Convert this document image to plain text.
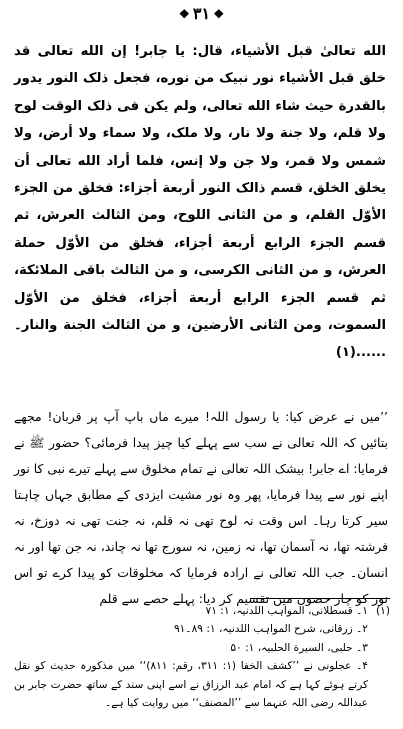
❖ ۳۱ ❖

الله تعالیٰ قبل الأشیاء، قال: یا جابر! إن الله تعالی قد خلق قبل الأشیاء نور نبیک من نوره، فجعل ذلک النور یدور بالقدرة حیث شاء الله تعالی، ولم یکن فی ذلک الوقت لوح ولا قلم، ولا جنة ولا نار، ولا ملک، ولا سماء ولا أرض، ولا شمس ولا قمر، ولا جن ولا إنس، فلما أراد الله تعالی أن یخلق الخلق، قسم ذالک النور أربعة أجزاء: فخلق من الجزء الأوّل القلم، و من الثانی اللوح، ومن الثالث العرش، ثم قسم الجزء الرابع أربعة أجزاء، فخلق من الأوّل حملة العرش، و من الثانی الکرسی، و من الثالث باقی الملائکة، ثم قسم الجزء الرابع أربعة أجزاء، فخلق من الأوّل السموت، ومن الثانی الأرضین، و من الثالث الجنة والنار۔ ......(۱)

’’میں نے عرض کیا: یا رسول اللہ! میرے ماں باپ آپ پر قربان! مجھے بتائیں کہ اللہ تعالی نے سب سے پہلے کیا چیز پیدا فرمائی؟ حضور ﷺ نے فرمایا: اے جابر! بیشک اللہ تعالی نے تمام مخلوق سے پہلے تیرے نبی کا نور اپنے نور سے پیدا فرمایا، پھر وہ نور مشیت ایزدی کے مطابق جہاں چاہتا سیر کرتا رہا۔ اس وقت نہ لوح تھی نہ قلم، نہ جنت تھی نہ دوزخ، نہ فرشتہ تھا، نہ آسمان تھا، نہ زمین، نہ سورج تھا نہ چاند، نہ جن تھا اور نہ انسان۔ جب اللہ تعالی نے ارادہ فرمایا کہ مخلوقات کو پیدا کرے تو اس نور کو چار حصوں میں تقسیم کر دیا: پہلے حصے سے قلم

(۱)
۱۔ قسطلانی، المواہب اللدنیہ، ۱: ۷۱
۲۔ زرقانی، شرح المواہب اللدنیہ، ۱: ۸۹۔۹۱
۳۔ حلبی، السیرة الحلبیہ، ۱: ۵۰
۴۔ عجلونی نے ’’کشف الخفا (۱: ۳۱۱، رقم: ۸۱۱)‘‘ میں مذکورہ حدیث کو نقل کرتے ہوئے کہا ہے کہ امام عبد الرزاق نے اسے اپنی سند کے ساتھ حضرت جابر بن عبداللہ رضی اللہ عنہما سے ’’المصنف‘‘ میں روایت کیا ہے۔
